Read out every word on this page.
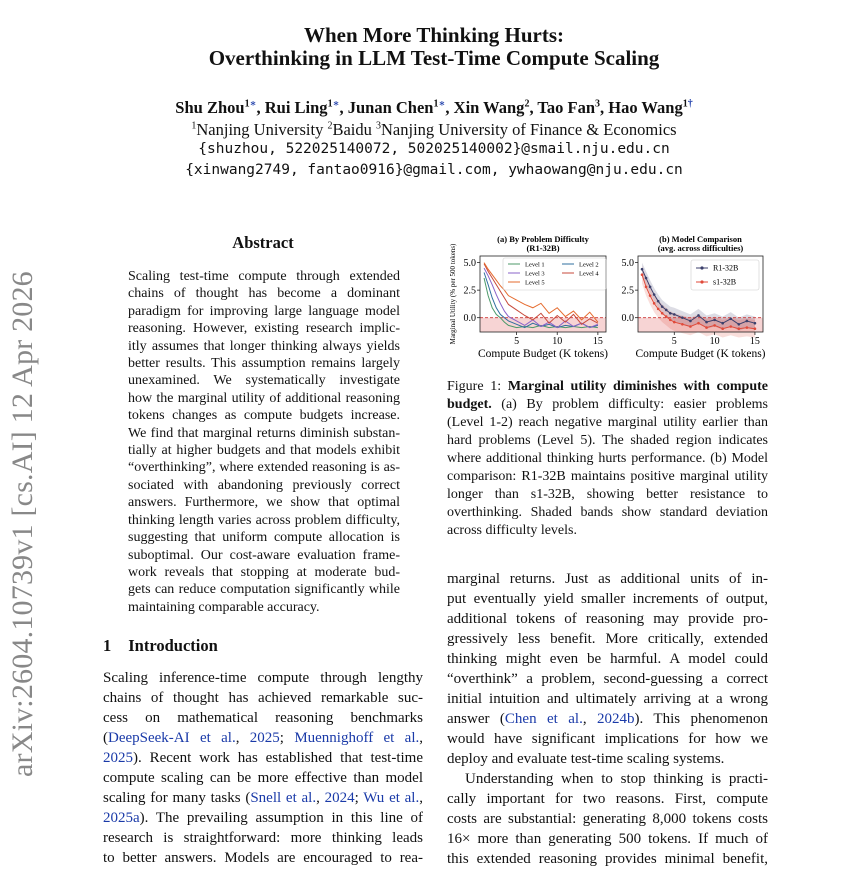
When More Thinking Hurts:
Overthinking in LLM Test-Time Compute Scaling
Shu Zhou$^{1∗}$, Rui Ling$^{1∗}$, Junan Chen$^{1∗}$, Xin Wang$^2$, Tao Fan$^3$, Hao Wang$^{1\dagger}$
$^1$Nanjing University $^2$Baidu $^3$Nanjing University of Finance & Economics
{shuzhou, 522025140072, 502025140002}@smail.nju.edu.cn
{xinwang2749, fantao0916}@gmail.com, ywhaowang@nju.edu.cn
arXiv:2604.10739v1 [cs.AI] 12 Apr 2026
Abstract
Scaling test-time compute through extended
chains of thought has become a dominant
paradigm for improving large language model
reasoning. However, existing research implic-
itly assumes that longer thinking always yields
better results. This assumption remains largely
unexamined. We systematically investigate
how the marginal utility of additional reasoning
tokens changes as compute budgets increase.
We find that marginal returns diminish substan-
tially at higher budgets and that models exhibit
“overthinking”, where extended reasoning is as-
sociated with abandoning previously correct
answers. Furthermore, we show that optimal
thinking length varies across problem difficulty,
suggesting that uniform compute allocation is
suboptimal. Our cost-aware evaluation frame-
work reveals that stopping at moderate bud-
gets can reduce computation significantly while
maintaining comparable accuracy.
1 Introduction
Scaling inference-time compute through lengthy
chains of thought has achieved remarkable suc-
cess on mathematical reasoning benchmarks
(DeepSeek-AI et al., 2025; Muennighoff et al.,
2025). Recent work has established that test-time
compute scaling can be more effective than model
scaling for many tasks (Snell et al., 2024; Wu et al.,
2025a). The prevailing assumption in this line of
research is straightforward: more thinking leads
to better answers. Models are encouraged to rea-
marginal returns. Just as additional units of in-
put eventually yield smaller increments of output,
additional tokens of reasoning may provide pro-
gressively less benefit. More critically, extended
thinking might even be harmful. A model could
“overthink” a problem, second-guessing a correct
initial intuition and ultimately arriving at a wrong
answer (Chen et al., 2024b). This phenomenon
would have significant implications for how we
deploy and evaluate test-time scaling systems.
Understanding when to stop thinking is practi-
cally important for two reasons. First, compute
costs are substantial: generating 8,000 tokens costs
16× more than generating 500 tokens. If much of
this extended reasoning provides minimal benefit,
5	10	15
5.0
2.5
0.0
(a) By Problem Difficulty
(R1-32B)
Compute Budget (K tokens)
Marginal Utility (% per 500 tokens)	Level 1	Level 2
Level 3	Level 4
Level 5
5	10	15
5.0
2.5
0.0
(b) Model Comparison
(avg. across difficulties)
Compute Budget (K tokens)
R1-32B
s1-32B
Figure 1: Marginal utility diminishes with compute budget. (a) By problem difficulty: easier problems (Level 1-2) reach negative marginal utility earlier than hard problems (Level 5). The shaded region indicates where additional thinking hurts performance. (b) Model comparison: R1-32B maintains positive marginal utility longer than s1-32B, showing better resistance to overthinking. Shaded bands show standard deviation across difficulty levels.
